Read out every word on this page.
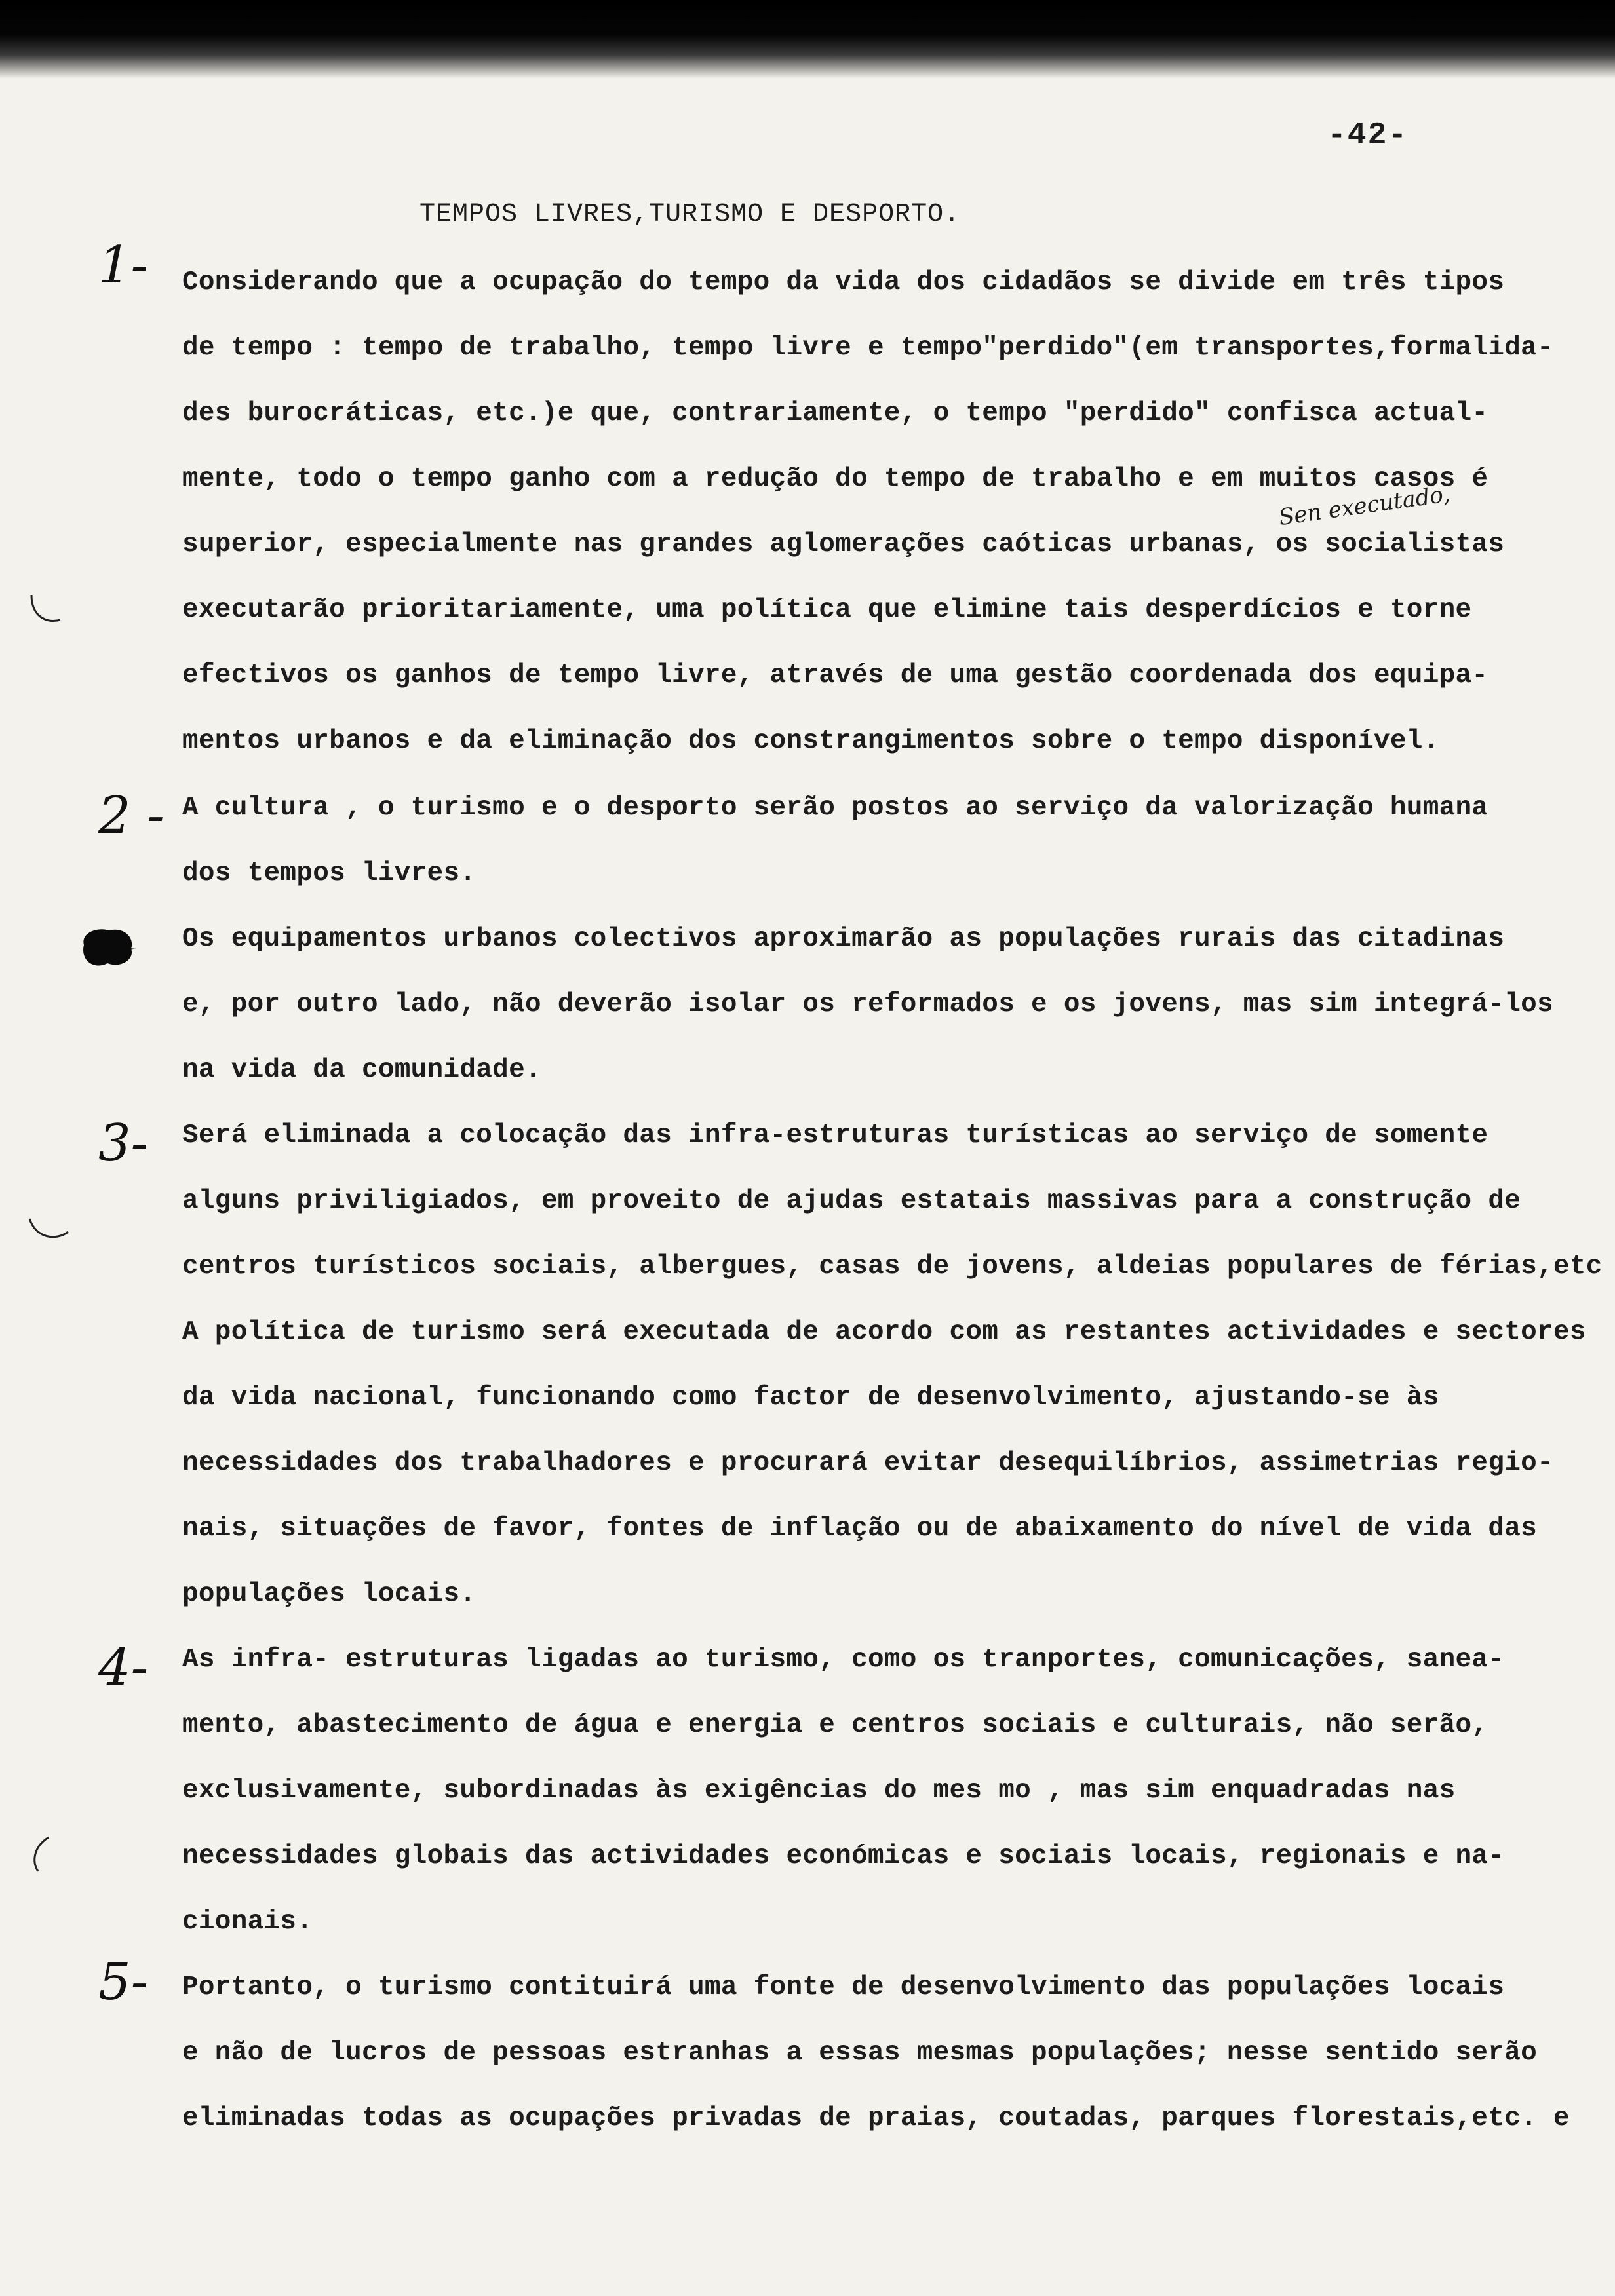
-42-
TEMPOS LIVRES,TURISMO E DESPORTO.
1-
2 -
3-
4-
5-
Sen executado,
Considerando que a ocupação do tempo da vida dos cidadãos se divide em três tipos
de tempo : tempo de trabalho, tempo livre e tempo"perdido"(em transportes,formalida-
des burocráticas, etc.)e que, contrariamente, o tempo "perdido" confisca actual-
mente, todo o tempo ganho com a redução do tempo de trabalho e em muitos casos é
superior, especialmente nas grandes aglomerações caóticas urbanas, os socialistas
executarão prioritariamente, uma política que elimine tais desperdícios e torne
efectivos os ganhos de tempo livre, através de uma gestão coordenada dos equipa-
mentos urbanos e da eliminação dos constrangimentos sobre o tempo disponível.
A cultura , o turismo e o desporto serão postos ao serviço da valorização humana
dos tempos livres.
Os equipamentos urbanos colectivos aproximarão as populações rurais das citadinas
e, por outro lado, não deverão isolar os reformados e os jovens, mas sim integrá-los
na vida da comunidade.
Será eliminada a colocação das infra-estruturas turísticas ao serviço de somente
alguns priviligiados, em proveito de ajudas estatais massivas para a construção de
centros turísticos sociais, albergues, casas de jovens, aldeias populares de férias,etc
A política de turismo será executada de acordo com as restantes actividades e sectores
da vida nacional, funcionando como factor de desenvolvimento, ajustando-se às
necessidades dos trabalhadores e procurará evitar desequilíbrios, assimetrias regio-
nais, situações de favor, fontes de inflação ou de abaixamento do nível de vida das
populações locais.
As infra- estruturas ligadas ao turismo, como os tranportes, comunicações, sanea-
mento, abastecimento de água e energia e centros sociais e culturais, não serão,
exclusivamente, subordinadas às exigências do mes mo , mas sim enquadradas nas
necessidades globais das actividades económicas e sociais locais, regionais e na-
cionais.
Portanto, o turismo contituirá uma fonte de desenvolvimento das populações locais
e não de lucros de pessoas estranhas a essas mesmas populações; nesse sentido serão
eliminadas todas as ocupações privadas de praias, coutadas, parques florestais,etc. e
